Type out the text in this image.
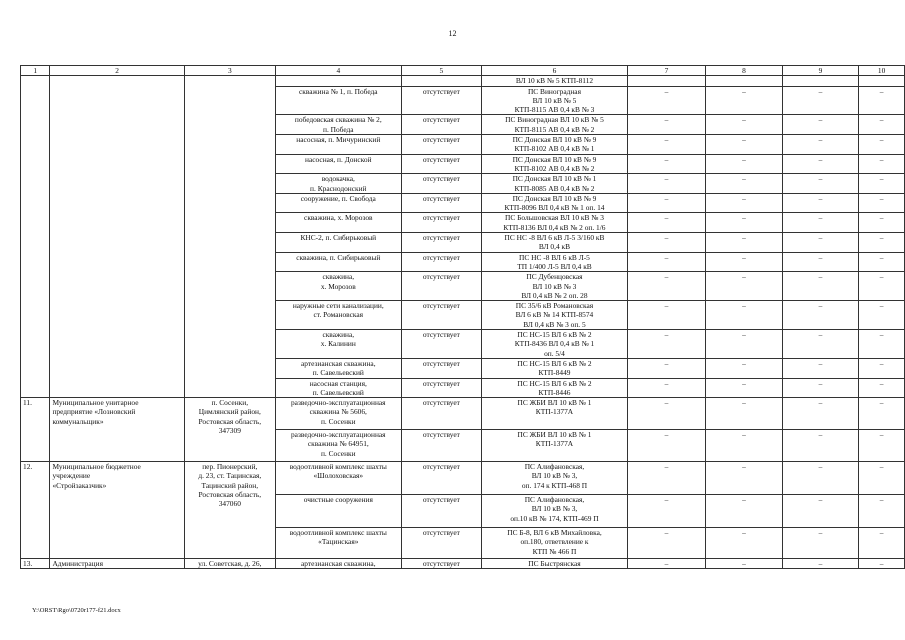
12
1	2	3	4	5	6	7	8	9	10
					ВЛ 10 кВ № 5 КТП-8112				
			скважина № 1, п. Победа	отсутствует	ПС Виноградная
ВЛ 10 кВ № 5
КТП-8115 АВ 0,4 кВ № 3	–	–	–	–
			победовская скважина № 2,
п. Победа	отсутствует	ПС Виноградная ВЛ 10 кВ № 5
КТП-8115 АВ 0,4 кВ № 2	–	–	–	–
			насосная, п. Мичуринский	отсутствует	ПС Донская ВЛ 10 кВ № 9
КТП-8102 АВ 0,4 кВ № 1	–	–	–	–
			насосная, п. Донской	отсутствует	ПС Донская ВЛ 10 кВ № 9
КТП-8102 АВ 0,4 кВ № 2	–	–	–	–
			водокачка,
п. Краснодонский	отсутствует	ПС Донская ВЛ 10 кВ № 1
КТП-8085 АВ 0,4 кВ № 2	–	–	–	–
			сооружение, п. Свобода	отсутствует	ПС Донская ВЛ 10 кВ № 9
КТП-8096 ВЛ 0,4 кВ № 1 оп. 14	–	–	–	–
			скважина, х. Морозов	отсутствует	ПС Большовская ВЛ 10 кВ № 3
КТП-8136 ВЛ 0,4 кВ № 2 оп. 1/6	–	–	–	–
			КНС-2, п. Сибирьковый	отсутствует	ПС НС -8 ВЛ 6 кВ Л-5 3/160 кВ
ВЛ 0,4 кВ	–	–	–	–
			скважина, п. Сибирьковый	отсутствует	ПС НС -8 ВЛ 6 кВ Л-5
ТП 1/400 Л-5 ВЛ 0,4 кВ	–	–	–	–
			скважина,
х. Морозов	отсутствует	ПС Дубенцовская
ВЛ 10 кВ № 3
ВЛ 0,4 кВ № 2 оп. 28	–	–	–	–
			наружные сети канализации,
ст. Романовская	отсутствует	ПС 35/6 кВ Романовская
ВЛ 6 кВ № 14 КТП-8574
ВЛ 0,4 кВ № 3 оп. 5	–	–	–	–
			скважина,
х. Калинин	отсутствует	ПС НС-15 ВЛ 6 кВ № 2
КТП-8436 ВЛ 0,4 кВ № 1
оп. 5/4	–	–	–	–
			артезианская скважина,
п. Савельевский	отсутствует	ПС НС-15 ВЛ 6 кВ № 2
КТП-8449	–	–	–	–
			насосная станция,
п. Савельевский	отсутствует	ПС НС-15 ВЛ 6 кВ № 2
КТП-8446	–	–	–	–
11.	Муниципальное унитарное
предприятие «Лозновский
коммунальщик»	п. Сосенки,
Цимлянский район,
Ростовская область,
347309	разведочно-эксплуатационная
скважина № 5606,
п. Сосенки	отсутствует	ПС ЖБИ ВЛ 10 кВ № 1
КТП-1377А	–	–	–	–
			разведочно-эксплуатационная
скважина № 64951,
п. Сосенки	отсутствует	ПС ЖБИ ВЛ 10 кВ № 1
КТП-1377А	–	–	–	–
12.	Муниципальное бюджетное
учреждение
«Стройзаказчик»	пер. Пионерский,
д. 23, ст. Тацинская,
Тацинский район,
Ростовская область,
347060	водоотливной комплекс шахты
«Шолоховская»	отсутствует	ПС Алифановская,
ВЛ 10 кВ № 3,
оп. 174 к КТП-468 П	–	–	–	–
			очистные сооружения	отсутствует	ПС Алифановская,
ВЛ 10 кВ № 3,
оп.10 кВ № 174, КТП-469 П	–	–	–	–
			водоотливной комплекс шахты
«Тацинская»	отсутствует	ПС Б-8, ВЛ 6 кВ Михайловка,
оп.180, ответвление к
КТП № 466 П	–	–	–	–
13.	Администрация	ул. Советская, д. 26,	артезианская скважина,	отсутствует	ПС Быстрянская	–	–	–	–
Y:\ORST\Rgo\0720r177-f21.docx
